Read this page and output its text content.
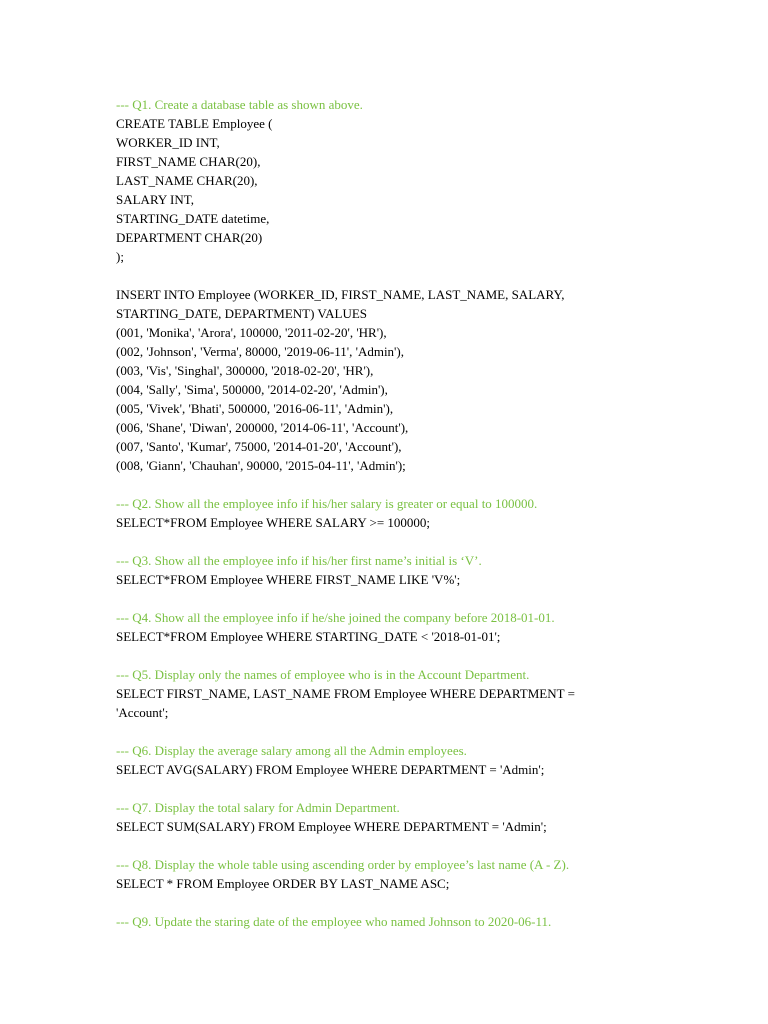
--- Q1. Create a database table as shown above.
CREATE TABLE Employee (
WORKER_ID INT,
FIRST_NAME CHAR(20),
LAST_NAME CHAR(20),
SALARY INT,
STARTING_DATE datetime,
DEPARTMENT CHAR(20)
);
INSERT INTO Employee (WORKER_ID, FIRST_NAME, LAST_NAME, SALARY,
STARTING_DATE, DEPARTMENT) VALUES
(001, 'Monika', 'Arora', 100000, '2011-02-20', 'HR'),
(002, 'Johnson', 'Verma', 80000, '2019-06-11', 'Admin'),
(003, 'Vis', 'Singhal', 300000, '2018-02-20', 'HR'),
(004, 'Sally', 'Sima', 500000, '2014-02-20', 'Admin'),
(005, 'Vivek', 'Bhati', 500000, '2016-06-11', 'Admin'),
(006, 'Shane', 'Diwan', 200000, '2014-06-11', 'Account'),
(007, 'Santo', 'Kumar', 75000, '2014-01-20', 'Account'),
(008, 'Giann', 'Chauhan', 90000, '2015-04-11', 'Admin');
--- Q2. Show all the employee info if his/her salary is greater or equal to 100000.
SELECT*FROM Employee WHERE SALARY >= 100000;
--- Q3. Show all the employee info if his/her first name’s initial is ‘V’.
SELECT*FROM Employee WHERE FIRST_NAME LIKE 'V%';
--- Q4. Show all the employee info if he/she joined the company before 2018-01-01.
SELECT*FROM Employee WHERE STARTING_DATE < '2018-01-01';
--- Q5. Display only the names of employee who is in the Account Department.
SELECT FIRST_NAME, LAST_NAME FROM Employee WHERE DEPARTMENT =
'Account';
--- Q6. Display the average salary among all the Admin employees.
SELECT AVG(SALARY) FROM Employee WHERE DEPARTMENT = 'Admin';
--- Q7. Display the total salary for Admin Department.
SELECT SUM(SALARY) FROM Employee WHERE DEPARTMENT = 'Admin';
--- Q8. Display the whole table using ascending order by employee’s last name (A - Z).
SELECT * FROM Employee ORDER BY LAST_NAME ASC;
--- Q9. Update the staring date of the employee who named Johnson to 2020-06-11.
